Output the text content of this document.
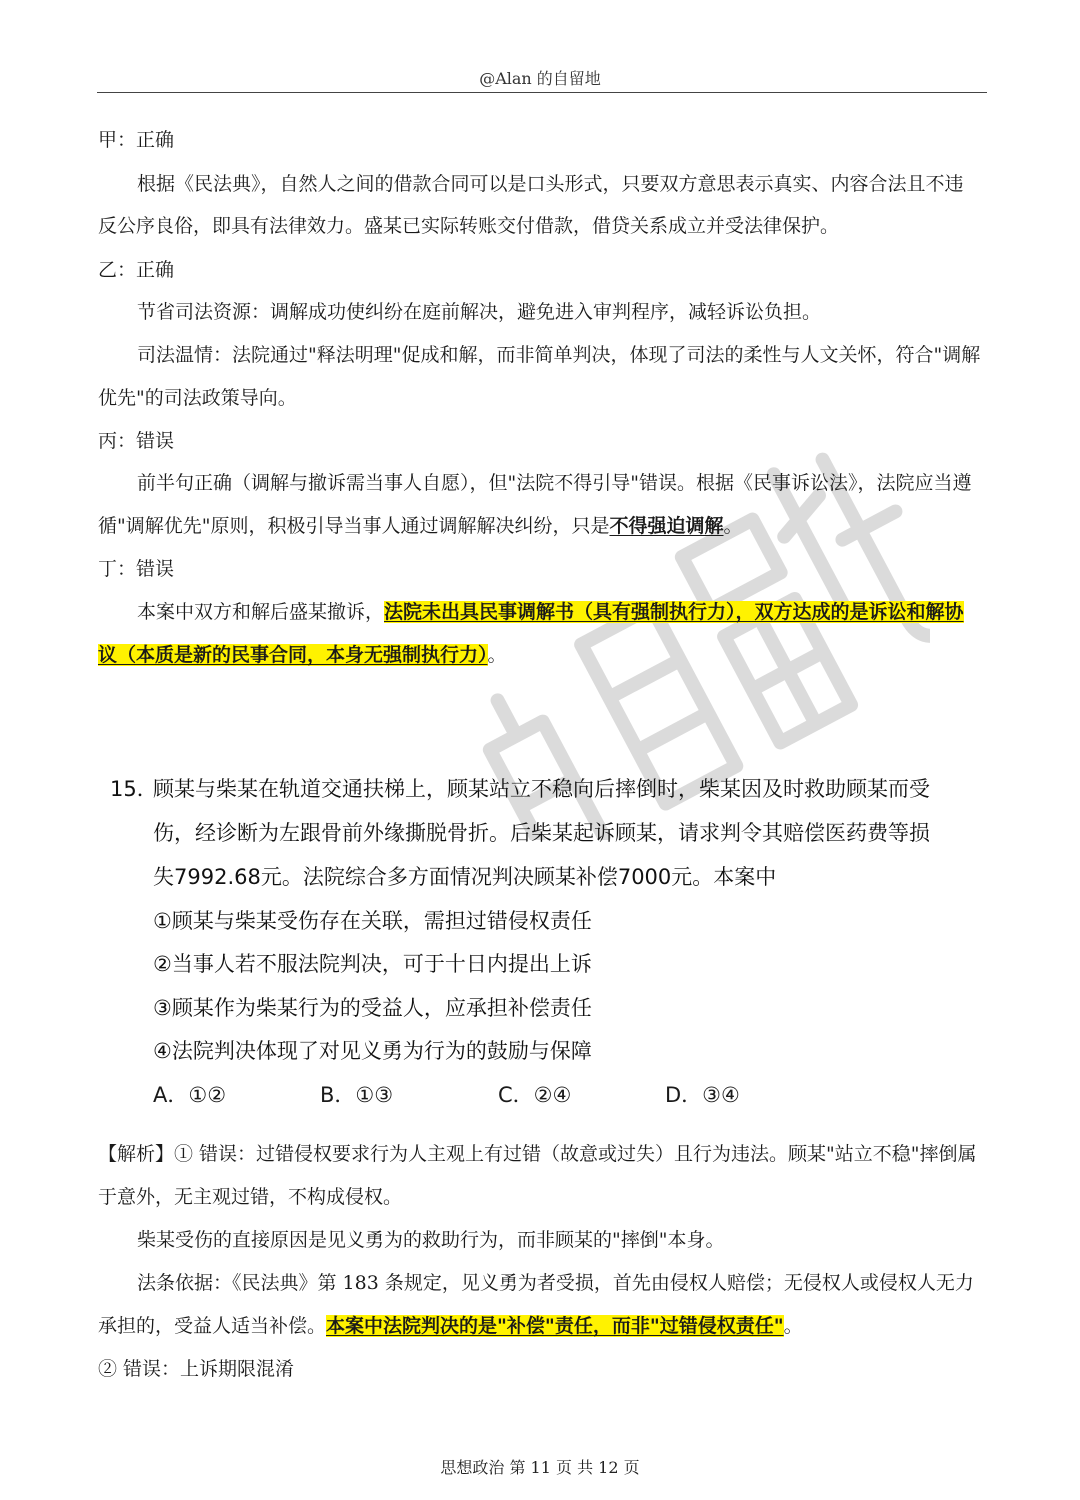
@Alan 的自留地
甲：正确
根据《民法典》，自然人之间的借款合同可以是口头形式，只要双方意思表示真实、内容合法且不违
反公序良俗，即具有法律效力。盛某已实际转账交付借款，借贷关系成立并受法律保护。
乙：正确
节省司法资源：调解成功使纠纷在庭前解决，避免进入审判程序，减轻诉讼负担。
司法温情：法院通过"释法明理"促成和解，而非简单判决，体现了司法的柔性与人文关怀，符合"调解
优先"的司法政策导向。
丙：错误
前半句正确（调解与撤诉需当事人自愿），但"法院不得引导"错误。根据《民事诉讼法》，法院应当遵
循"调解优先"原则，积极引导当事人通过调解解决纠纷，只是不得强迫调解。
丁：错误
本案中双方和解后盛某撤诉，法院未出具民事调解书（具有强制执行力），双方达成的是诉讼和解协
议（本质是新的民事合同，本身无强制执行力）。
15．
顾某与柴某在轨道交通扶梯上，顾某站立不稳向后摔倒时，柴某因及时救助顾某而受
伤，经诊断为左跟骨前外缘撕脱骨折。后柴某起诉顾某，请求判令其赔偿医药费等损
失7992.68元。法院综合多方面情况判决顾某补偿7000元。本案中
①顾某与柴某受伤存在关联，需担过错侵权责任
②当事人若不服法院判决，可于十日内提出上诉
③顾某作为柴某行为的受益人，应承担补偿责任
④法院判决体现了对见义勇为行为的鼓励与保障
A．①②	B．①③	C．②④	D．③④
【解析】① 错误：过错侵权要求行为人主观上有过错（故意或过失）且行为违法。顾某"站立不稳"摔倒属
于意外，无主观过错，不构成侵权。
柴某受伤的直接原因是见义勇为的救助行为，而非顾某的"摔倒"本身。
法条依据：《民法典》第 183 条规定，见义勇为者受损，首先由侵权人赔偿；无侵权人或侵权人无力
承担的，受益人适当补偿。本案中法院判决的是"补偿"责任，而非"过错侵权责任"。
② 错误：上诉期限混淆
思想政治 第 11 页 共 12 页
